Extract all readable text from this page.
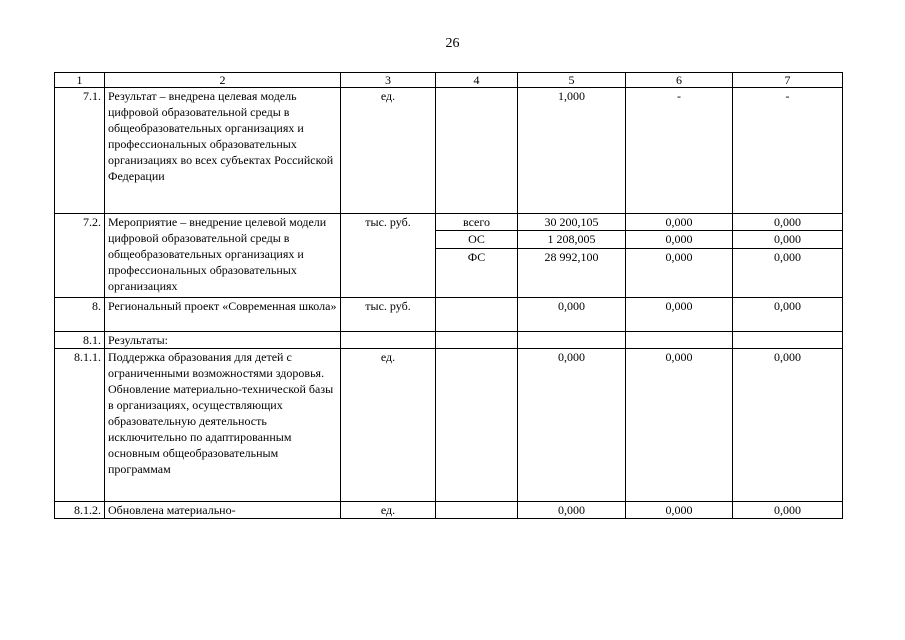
26
1	2	3	4	5	6	7
7.1.	Результат – внедрена целевая модель цифровой образовательной среды в общеобразовательных организациях и профессиональных образовательных организациях во всех субъектах Российской Федерации	ед.		1,000	-	-
7.2.	Мероприятие – внедрение целевой модели цифровой образовательной среды в общеобразовательных организациях и профессиональных образовательных организациях	тыс. руб.	всего	30 200,105	0,000	0,000
			ОС	1 208,005	0,000	0,000
			ФС	28 992,100	0,000	0,000
8.	Региональный проект «Современная школа»	тыс. руб.		0,000	0,000	0,000
8.1.	Результаты:					
8.1.1.	Поддержка образования для детей с ограниченными возможностями здоровья. Обновление материально-технической базы в организациях, осуществляющих образовательную деятельность исключительно по адаптированным основным общеобразовательным программам	ед.		0,000	0,000	0,000
8.1.2.	Обновлена материально-	ед.		0,000	0,000	0,000
